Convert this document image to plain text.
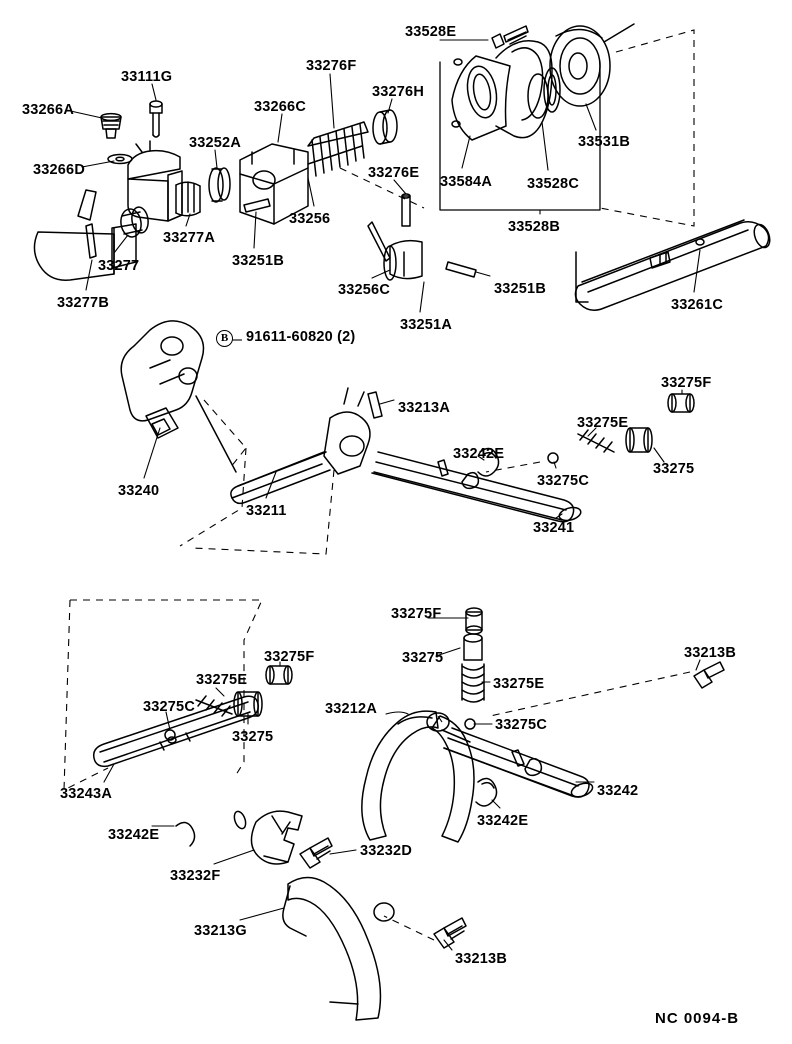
B	91611-60820 (2)
33266A
33111G
33266D
33252A
33266C
33276F
33276H
33528E
33531B
33276E
33584A 33528C
33528B
33256
33277A
33251B
33277
33277B
33256C	33251B
33251A
33261C
33240
33211
33213A
33242E
33275C
33275E
33275
33275F
33241
33275F
33275
33275E
33275F
33275E
33275C
33275
33212A
33275C
33213B
33242
33243A
33242E
33242E
33232F
33232D
33213G
33213B
NC 0094-B
